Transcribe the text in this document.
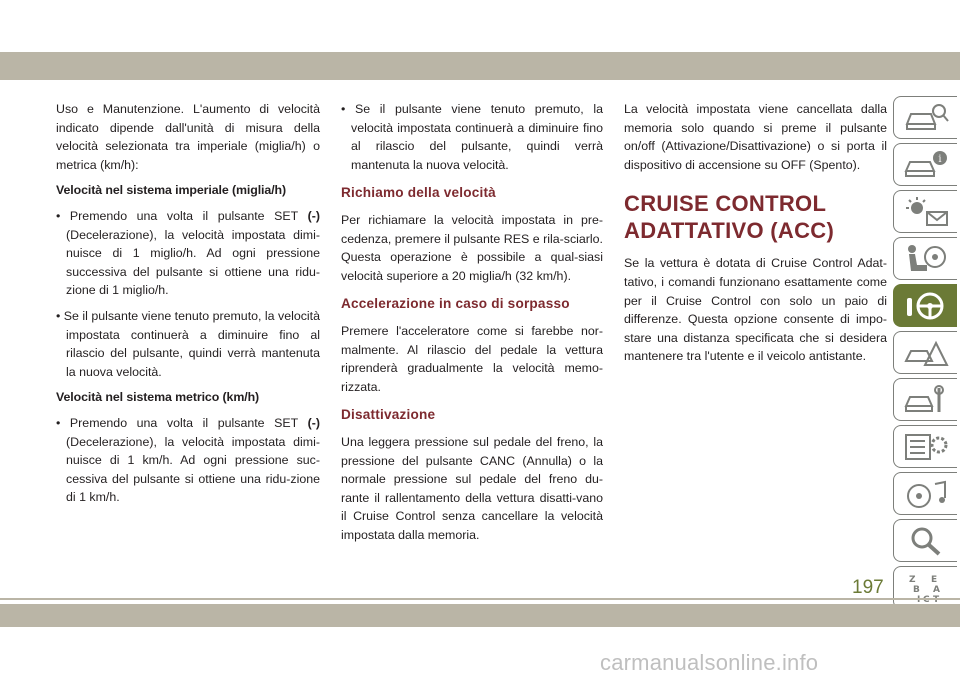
Uso e Manutenzione. L'aumento di velocità indicato dipende dall'unità di misura della velocità selezionata tra imperiale (miglia/h) o metrica (km/h):

Velocità nel sistema imperiale (miglia/h)

• Premendo una volta il pulsante SET (-) (Decelerazione), la velocità impostata dimi-nuisce di 1 miglio/h. Ad ogni pressione successiva del pulsante si ottiene una ridu-zione di 1 miglio/h.

• Se il pulsante viene tenuto premuto, la velocità impostata continuerà a diminuire fino al rilascio del pulsante, quindi verrà mantenuta la nuova velocità.

Velocità nel sistema metrico (km/h)

• Premendo una volta il pulsante SET (-) (Decelerazione), la velocità impostata dimi-nuisce di 1 km/h. Ad ogni pressione suc-cessiva del pulsante si ottiene una ridu-zione di 1 km/h.

• Se il pulsante viene tenuto premuto, la velocità impostata continuerà a diminuire fino al rilascio del pulsante, quindi verrà mantenuta la nuova velocità.

Richiamo della velocità

Per richiamare la velocità impostata in pre-cedenza, premere il pulsante RES e rila-sciarlo. Questa operazione è possibile a qual-siasi velocità superiore a 20 miglia/h (32 km/h).

Accelerazione in caso di sorpasso

Premere l'acceleratore come si farebbe nor-malmente. Al rilascio del pedale la vettura riprenderà gradualmente la velocità memo-rizzata.

Disattivazione

Una leggera pressione sul pedale del freno, la pressione del pulsante CANC (Annulla) o la normale pressione sul pedale del freno du-rante il rallentamento della vettura disatti-vano il Cruise Control senza cancellare la velocità impostata dalla memoria.

La velocità impostata viene cancellata dalla memoria solo quando si preme il pulsante on/off (Attivazione/Disattivazione) o si porta il dispositivo di accensione su OFF (Spento).

CRUISE CONTROL ADATTATIVO (ACC)

Se la vettura è dotata di Cruise Control Adat-tativo, i comandi funzionano esattamente come per il Cruise Control con solo un paio di differenze. Questa opzione consente di impo-stare una distanza specificata che si desidera mantenere tra l'utente e il veicolo antistante.

i
Z E
B A
197
carmanualsonline.info
